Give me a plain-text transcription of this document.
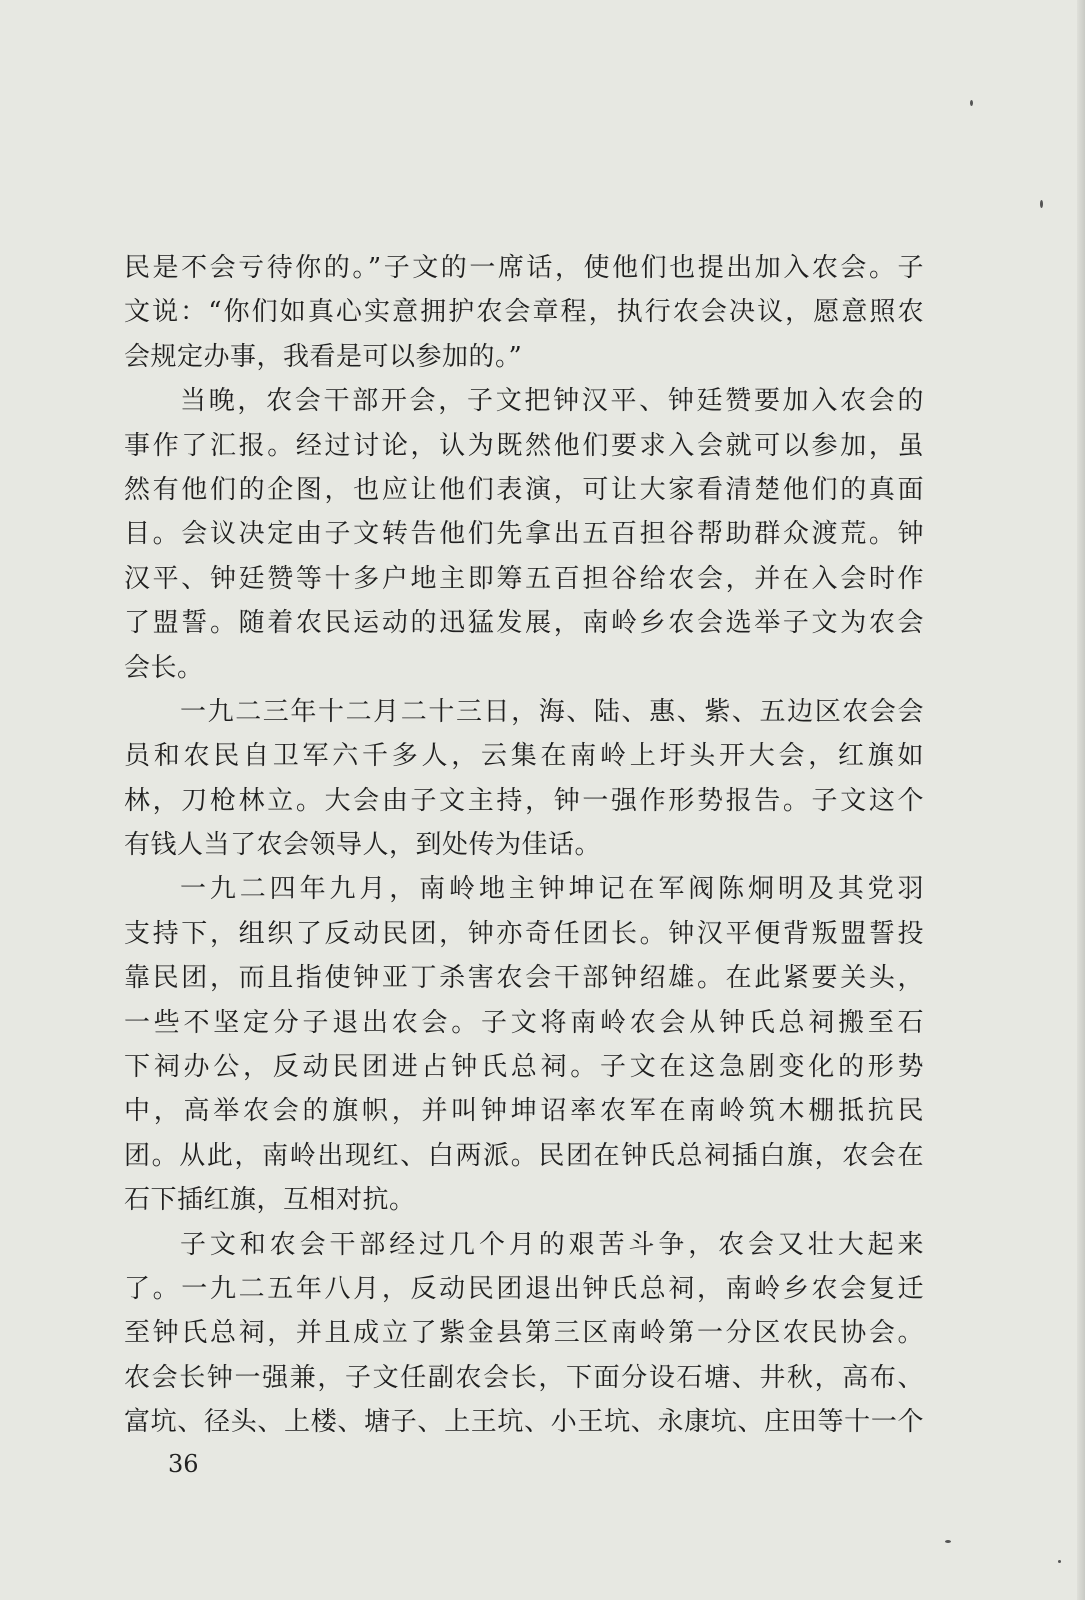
民是不会亏待你的。”子文的一席话，使他们也提出加入农会。子
文说：“你们如真心实意拥护农会章程，执行农会决议，愿意照农
会规定办事，我看是可以参加的。”
当晚，农会干部开会，子文把钟汉平、钟廷赞要加入农会的
事作了汇报。经过讨论，认为既然他们要求入会就可以参加，虽
然有他们的企图，也应让他们表演，可让大家看清楚他们的真面
目。会议决定由子文转告他们先拿出五百担谷帮助群众渡荒。钟
汉平、钟廷赞等十多户地主即筹五百担谷给农会，并在入会时作
了盟誓。随着农民运动的迅猛发展，南岭乡农会选举子文为农会
会长。
一九二三年十二月二十三日，海、陆、惠、紫、五边区农会会
员和农民自卫军六千多人，云集在南岭上圩头开大会，红旗如
林，刀枪林立。大会由子文主持，钟一强作形势报告。子文这个
有钱人当了农会领导人，到处传为佳话。
一九二四年九月，南岭地主钟坤记在军阀陈炯明及其党羽
支持下，组织了反动民团，钟亦奇任团长。钟汉平便背叛盟誓投
靠民团，而且指使钟亚丁杀害农会干部钟绍雄。在此紧要关头，
一些不坚定分子退出农会。子文将南岭农会从钟氏总祠搬至石
下祠办公，反动民团进占钟氏总祠。子文在这急剧变化的形势
中，高举农会的旗帜，并叫钟坤诏率农军在南岭筑木棚抵抗民
团。从此，南岭出现红、白两派。民团在钟氏总祠插白旗，农会在
石下插红旗，互相对抗。
子文和农会干部经过几个月的艰苦斗争，农会又壮大起来
了。一九二五年八月，反动民团退出钟氏总祠，南岭乡农会复迁
至钟氏总祠，并且成立了紫金县第三区南岭第一分区农民协会。
农会长钟一强兼，子文任副农会长，下面分设石塘、井秋，高布、
富坑、径头、上楼、塘子、上王坑、小王坑、永康坑、庄田等十一个
36
